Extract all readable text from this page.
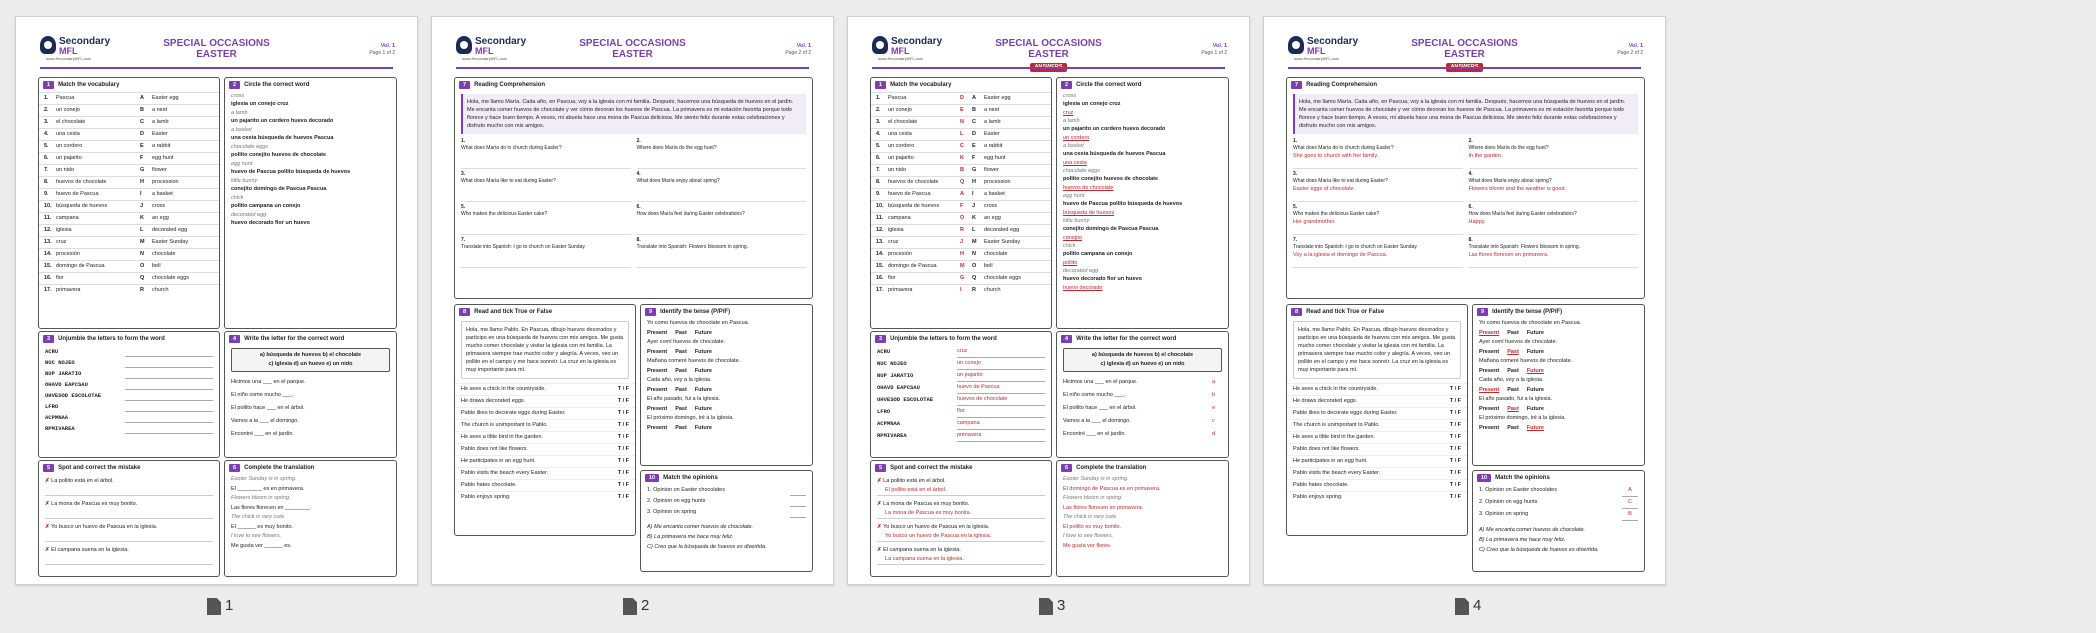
Secondary
MFL
www.SecondaryMFL.com
SPECIAL OCCASIONS
EASTER
Vol. 1
Page 1 of 2
1	Match the vocabulary
1.	Pascua	A	Easter egg
2.	un conejo	B	a nest
3.	el chocolate	C	a lamb
4.	una cesta	D	Easter
5.	un cordero	E	a rabbit
6.	un pajarito	F	egg hunt
7.	un nido	G	flower
8.	huevos de chocolate	H	procession
9.	huevo de Pascua	I	a basket
10. búsqueda de huevos	J	cross
11. campana	K	an egg
12. iglesia	L	decorated egg
13. cruz	M	Easter Sunday
14. procesión	N	chocolate
15. domingo de Pascua	O	bell
16. flor	Q	chocolate eggs
17. primavera	R	church
2	Circle the correct word
cross
iglesia un conejo cruz
a lamb
un pajarito un cordero huevo decorado
a basket
una cesta búsqueda de huevos Pascua
chocolate eggs
pollito conejito huevos de chocolate
egg hunt
huevo de Pascua pollito búsqueda de huevos
little bunny
conejito domingo de Pascua Pascua
chick
pollito campana un conejo
decorated egg
huevo decorado flor un huevo
3	Unjumble the letters to form the word
ACRU
NUC NOJEO
NUP JARATIO
OHAVD EAPCSAU
UHVESOD ESCOLOTAE
LFRO
ACPMNAA
RPMIVAREA
4	Write the letter for the correct word
a) búsqueda de huevos b) el chocolate
c) iglesia d) un huevo e) un nido
Hicimos una ___ en el parque.
El niño come mucho ___.
El pollito hace ___ en el árbol.
Vamos a la ___ el domingo.
Encontré ___ en el jardín.
5	Spot and correct the mistake
✗ La pollito está en el árbol.
✗ La mona de Pascua es muy bonito.
✗ Yo busco un huevo de Pascua en la iglesia.
✗ El campana suena en la iglesia.
6	Complete the translation
Easter Sunday is in spring.
El ________ es en primavera.
Flowers bloom in spring.
Las flores florecen en ________.
The chick is very cute.
El ______ es muy bonito.
I love to see flowers.
Me gusta ver ______ es.
1
Secondary
MFL
www.SecondaryMFL.com
SPECIAL OCCASIONS
EASTER
Vol. 1
Page 2 of 2
7	Reading Comprehension
Hola, me llamo María. Cada año, en Pascua, voy a la iglesia con mi familia. Después, hacemos una búsqueda de huevos en el jardín. Me encanta comer huevos de chocolate y ver cómo decoran los huevos de Pascua. La primavera es mi estación favorita porque todo florece y hace buen tiempo. A veces, mi abuela hace una mona de Pascua deliciosa. Me siento feliz durante estas celebraciones y disfruto mucho con mis amigos.
1.
What does María do in church during Easter?
2.
Where does María do the egg hunt?
3.
What does María like to eat during Easter?
4.
What does María enjoy about spring?
5.
Who makes the delicious Easter cake?
6.
How does María feel during Easter celebrations?
7.
Translate into Spanish: I go to church on Easter Sunday.
8.
Translate into Spanish: Flowers blossom in spring.
8	Read and tick True or False
Hola, me llamo Pablo. En Pascua, dibujo huevos decorados y participo en una búsqueda de huevos con mis amigos. Me gusta mucho comer chocolate y visitar la iglesia con mi familia. La primavera siempre trae mucho color y alegría. A veces, veo un pollito en el campo y me hace sonreír. La cruz en la iglesia es muy importante para mí.
He sees a chick in the countryside.	T / F
He draws decorated eggs.	T / F
Pablo likes to decorate eggs during Easter.	T / F
The church is unimportant to Pablo.	T / F
He sees a little bird in the garden.	T / F
Pablo does not like flowers.	T / F
He participates in an egg hunt.	T / F
Pablo visits the beach every Easter.	T / F
Pablo hates chocolate.	T / F
Pablo enjoys spring.	T / F
9	Identify the tense (P/P/F)
Yo como huevos de chocolate en Pascua.
Present Past Future
Ayer comí huevos de chocolate.
Present Past Future
Mañana comeré huevos de chocolate.
Present Past Future
Cada año, voy a la iglesia.
Present Past Future
El año pasado, fui a la iglesia.
Present Past Future
El próximo domingo, iré a la iglesia.
Present Past Future
10	Match the opinions
1. Opinion on Easter chocolates
2. Opinion on egg hunts
3. Opinion on spring
A) Me encanta comer huevos de chocolate.
B) La primavera me hace muy feliz.
C) Creo que la búsqueda de huevos es divertida.
2
Secondary
MFL
www.SecondaryMFL.com
SPECIAL OCCASIONS
EASTER
Vol. 1
Page 1 of 2
1	Match the vocabulary
1.	Pascua	D	A	Easter egg
2.	un conejo	E	B	a nest
3.	el chocolate	N	C	a lamb
4.	una cesta	L	D	Easter
5.	un cordero	C	E	a rabbit
6.	un pajarito	K	F	egg hunt
7.	un nido	B	G	flower
8.	huevos de chocolate	Q	H	procession
9.	huevo de Pascua	A	I	a basket
10. búsqueda de huevos	F	J	cross
11. campana	O	K	an egg
12. iglesia	R	L	decorated egg
13. cruz	J	M	Easter Sunday
14. procesión	H	N	chocolate
15. domingo de Pascua	M	O	bell
16. flor	G	Q	chocolate eggs
17. primavera	I	R	church
2	Circle the correct word
cross
iglesia un conejo cruz
cruz
a lamb
un pajarito un cordero huevo decorado
un cordero
a basket
una cesta búsqueda de huevos Pascua
una cesta
chocolate eggs
pollito conejito huevos de chocolate
huevos de chocolate
egg hunt
huevo de Pascua pollito búsqueda de huevos
búsqueda de huevos
little bunny
conejito domingo de Pascua Pascua
conejito
chick
pollito campana un conejo
pollito
decorated egg
huevo decorado flor un huevo
huevo decorado
3	Unjumble the letters to form the word
ACRU	cruz
NUC NOJEO	un conejo
NUP JARATIO	un pajarito
OHAVD EAPCSAU	huevo de Pascua
UHVESOD ESCOLOTAE	huevos de chocolate
LFRO	flor
ACPMNAA	campana
RPMIVAREA	primavera
4	Write the letter for the correct word
a) búsqueda de huevos b) el chocolate
c) iglesia d) un huevo e) un nido
Hicimos una ___ en el parque.	a
El niño come mucho ___.	b
El pollito hace ___ en el árbol.	e
Vamos a la ___ el domingo.	c
Encontré ___ en el jardín.	d
5	Spot and correct the mistake
✗ La pollito está en el árbol.
El pollito está en el árbol.
✗ La mona de Pascua es muy bonito.
La mona de Pascua es muy bonita.
✗ Yo busco un huevo de Pascua en la iglesia.
Yo busco un huevo de Pascua en la iglesia.
✗ El campana suena en la iglesia.
La campana suena en la iglesia.
6	Complete the translation
Easter Sunday is in spring.
El domingo de Pascua es en primavera.
Flowers bloom in spring.
Las flores florecen en primavera.
The chick is very cute.
El pollito es muy bonito.
I love to see flowers.
Me gusta ver flores.
3
Secondary
MFL
www.SecondaryMFL.com
SPECIAL OCCASIONS
EASTER
Vol. 1
Page 2 of 2
7	Reading Comprehension
Hola, me llamo María. Cada año, en Pascua, voy a la iglesia con mi familia. Después, hacemos una búsqueda de huevos en el jardín. Me encanta comer huevos de chocolate y ver cómo decoran los huevos de Pascua. La primavera es mi estación favorita porque todo florece y hace buen tiempo. A veces, mi abuela hace una mona de Pascua deliciosa. Me siento feliz durante estas celebraciones y disfruto mucho con mis amigos.
1.
What does María do in church during Easter?
She goes to church with her family.
2.
Where does María do the egg hunt?
In the garden.
3.
What does María like to eat during Easter?
Easter eggs of chocolate.
4.
What does María enjoy about spring?
Flowers bloom and the weather is good.
5.
Who makes the delicious Easter cake?
Her grandmother.
6.
How does María feel during Easter celebrations?
Happy.
7.
Translate into Spanish: I go to church on Easter Sunday.
Voy a la iglesia el domingo de Pascua.
8.
Translate into Spanish: Flowers blossom in spring.
Las flores florecen en primavera.
8	Read and tick True or False
Hola, me llamo Pablo. En Pascua, dibujo huevos decorados y participo en una búsqueda de huevos con mis amigos. Me gusta mucho comer chocolate y visitar la iglesia con mi familia. La primavera siempre trae mucho color y alegría. A veces, veo un pollito en el campo y me hace sonreír. La cruz en la iglesia es muy importante para mí.
He sees a chick in the countryside.	T / F
He draws decorated eggs.	T / F
Pablo likes to decorate eggs during Easter.	T / F
The church is unimportant to Pablo.	T / F
He sees a little bird in the garden.	T / F
Pablo does not like flowers.	T / F
He participates in an egg hunt.	T / F
Pablo visits the beach every Easter.	T / F
Pablo hates chocolate.	T / F
Pablo enjoys spring.	T / F
9	Identify the tense (P/P/F)
Yo como huevos de chocolate en Pascua.
Present Past Future
Ayer comí huevos de chocolate.
Present Past Future
Mañana comeré huevos de chocolate.
Present Past Future
Cada año, voy a la iglesia.
Present Past Future
El año pasado, fui a la iglesia.
Present Past Future
El próximo domingo, iré a la iglesia.
Present Past Future
10	Match the opinions
1. Opinion on Easter chocolates	A
2. Opinion on egg hunts	C
3. Opinion on spring	B
A) Me encanta comer huevos de chocolate.
B) La primavera me hace muy feliz.
C) Creo que la búsqueda de huevos es divertida.
4
